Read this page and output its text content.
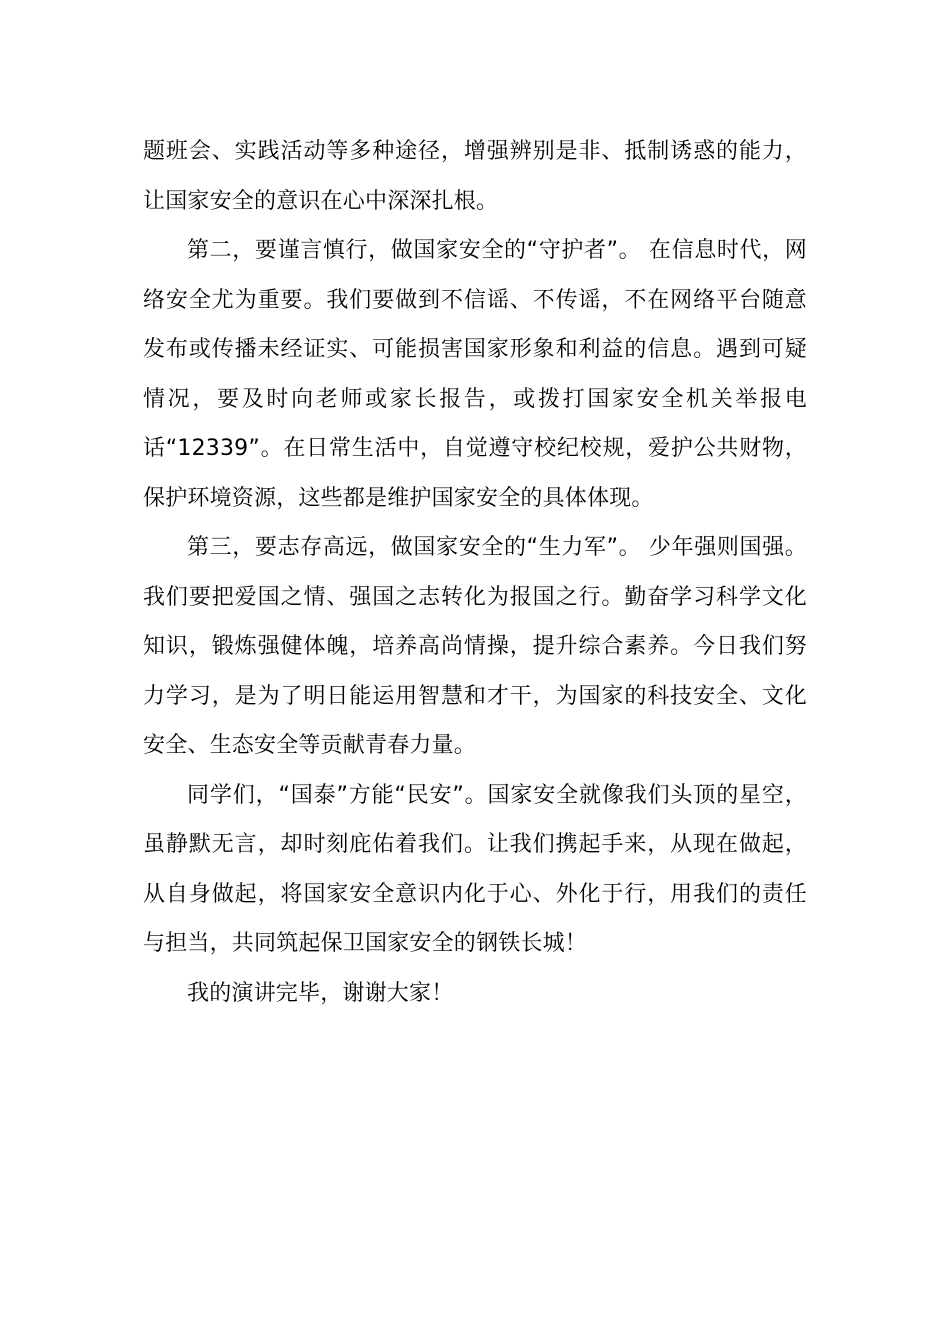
题班会、实践活动等多种途径，增强辨别是非、抵制诱惑的能力，让国家安全的意识在心中深深扎根。

第二，要谨言慎行，做国家安全的“守护者”。 在信息时代，网络安全尤为重要。我们要做到不信谣、不传谣，不在网络平台随意发布或传播未经证实、可能损害国家形象和利益的信息。遇到可疑情况，要及时向老师或家长报告，或拨打国家安全机关举报电话“12339”。在日常生活中，自觉遵守校纪校规，爱护公共财物，保护环境资源，这些都是维护国家安全的具体体现。

第三，要志存高远，做国家安全的“生力军”。 少年强则国强。我们要把爱国之情、强国之志转化为报国之行。勤奋学习科学文化知识，锻炼强健体魄，培养高尚情操，提升综合素养。今日我们努力学习，是为了明日能运用智慧和才干，为国家的科技安全、文化安全、生态安全等贡献青春力量。

同学们，“国泰”方能“民安”。国家安全就像我们头顶的星空，虽静默无言，却时刻庇佑着我们。让我们携起手来，从现在做起，从自身做起，将国家安全意识内化于心、外化于行，用我们的责任与担当，共同筑起保卫国家安全的钢铁长城！

我的演讲完毕，谢谢大家！
